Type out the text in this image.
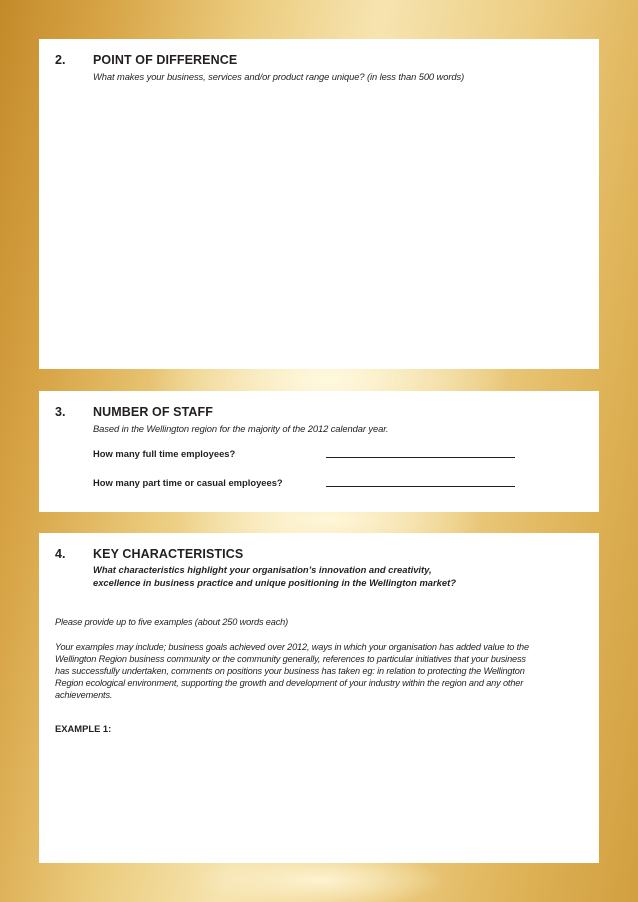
2. POINT OF DIFFERENCE
What makes your business, services and/or product range unique? (in less than 500 words)
3. NUMBER OF STAFF
Based in the Wellington region for the majority of the 2012 calendar year.
How many full time employees?
How many part time or casual employees?
4. KEY CHARACTERISTICS
What characteristics highlight your organisation’s innovation and creativity,
excellence in business practice and unique positioning in the Wellington market?
Please provide up to five examples (about 250 words each)
Your examples may include; business goals achieved over 2012, ways in which your organisation has added value to the
Wellington Region business community or the community generally, references to particular initiatives that your business
has successfully undertaken, comments on positions your business has taken eg: in relation to protecting the Wellington
Region ecological environment, supporting the growth and development of your industry within the region and any other
achievements.
EXAMPLE 1:
